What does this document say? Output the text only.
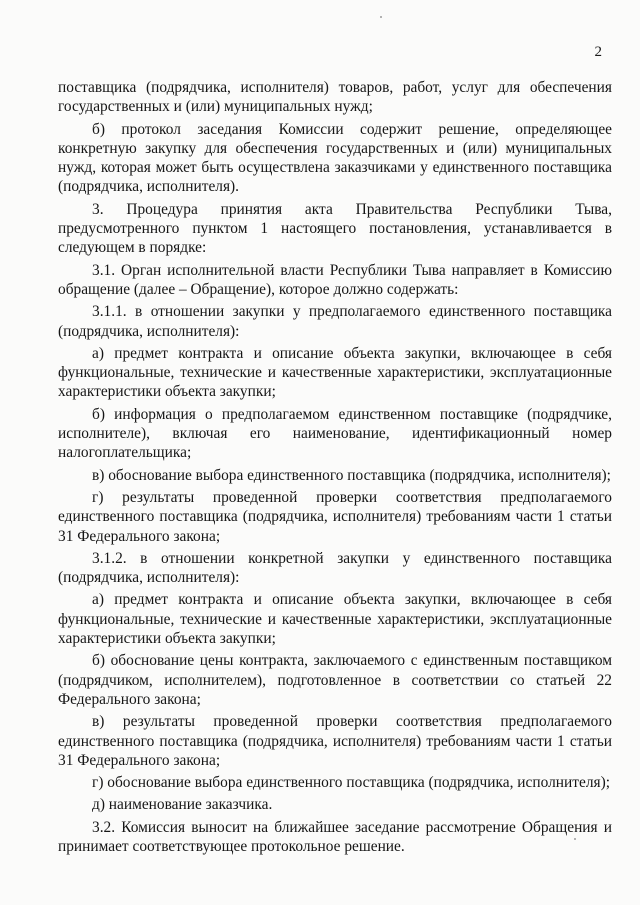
2

поставщика (подрядчика, исполнителя) товаров, работ, услуг для обеспечения государственных и (или) муниципальных нужд;

б) протокол заседания Комиссии содержит решение, определяющее конкретную закупку для обеспечения государственных и (или) муниципальных нужд, которая может быть осуществлена заказчиками у единственного поставщика (подрядчика, исполнителя).

3. Процедура принятия акта Правительства Республики Тыва, предусмотренного пунктом 1 настоящего постановления, устанавливается в следующем в порядке:

3.1. Орган исполнительной власти Республики Тыва направляет в Комиссию обращение (далее – Обращение), которое должно содержать:

3.1.1. в отношении закупки у предполагаемого единственного поставщика (подрядчика, исполнителя):

а) предмет контракта и описание объекта закупки, включающее в себя функциональные, технические и качественные характеристики, эксплуатационные характеристики объекта закупки;

б) информация о предполагаемом единственном поставщике (подрядчике, исполнителе), включая его наименование, идентификационный номер налогоплательщика;

в) обоснование выбора единственного поставщика (подрядчика, исполнителя);

г) результаты проведенной проверки соответствия предполагаемого единственного поставщика (подрядчика, исполнителя) требованиям части 1 статьи 31 Федерального закона;

3.1.2. в отношении конкретной закупки у единственного поставщика (подрядчика, исполнителя):

а) предмет контракта и описание объекта закупки, включающее в себя функциональные, технические и качественные характеристики, эксплуатационные характеристики объекта закупки;

б) обоснование цены контракта, заключаемого с единственным поставщиком (подрядчиком, исполнителем), подготовленное в соответствии со статьей 22 Федерального закона;

в) результаты проведенной проверки соответствия предполагаемого единственного поставщика (подрядчика, исполнителя) требованиям части 1 статьи 31 Федерального закона;

г) обоснование выбора единственного поставщика (подрядчика, исполнителя);

д) наименование заказчика.

3.2. Комиссия выносит на ближайшее заседание рассмотрение Обращения и принимает соответствующее протокольное решение.
